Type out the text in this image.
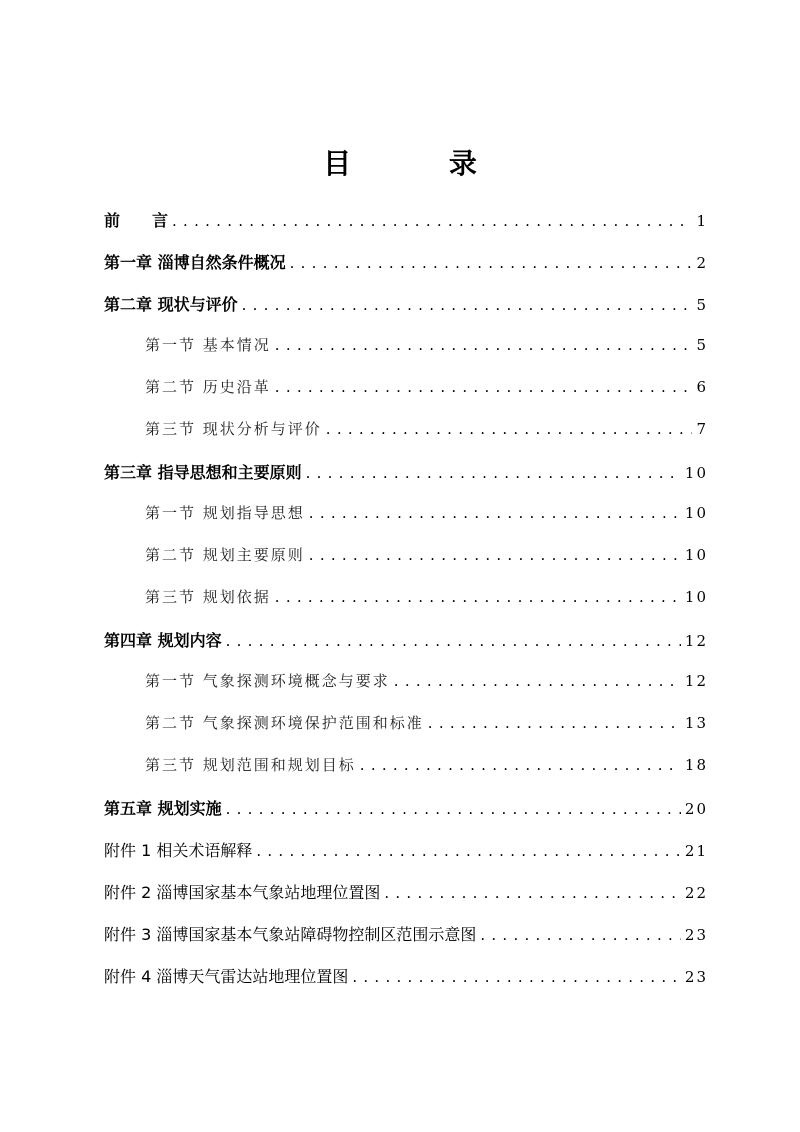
目 录
前　　言 . . .	1
第一章 淄博自然条件概况 . . .	2
第二章 现状与评价 . . .	5
第一节 基本情况 . . .	5
第二节 历史沿革 . . .	6
第三节 现状分析与评价 . . .	7
第三章 指导思想和主要原则 . . .	10
第一节 规划指导思想 . . .	10
第二节 规划主要原则 . . .	10
第三节 规划依据 . . .	10
第四章 规划内容 . . .	12
第一节 气象探测环境概念与要求 . . .	12
第二节 气象探测环境保护范围和标准 . . .	13
第三节 规划范围和规划目标 . . .	18
第五章 规划实施 . . .	20
附件 1 相关术语解释 . . .	21
附件 2 淄博国家基本气象站地理位置图 . . .	22
附件 3 淄博国家基本气象站障碍物控制区范围示意图 . . .	23
附件 4 淄博天气雷达站地理位置图 . . .	23
